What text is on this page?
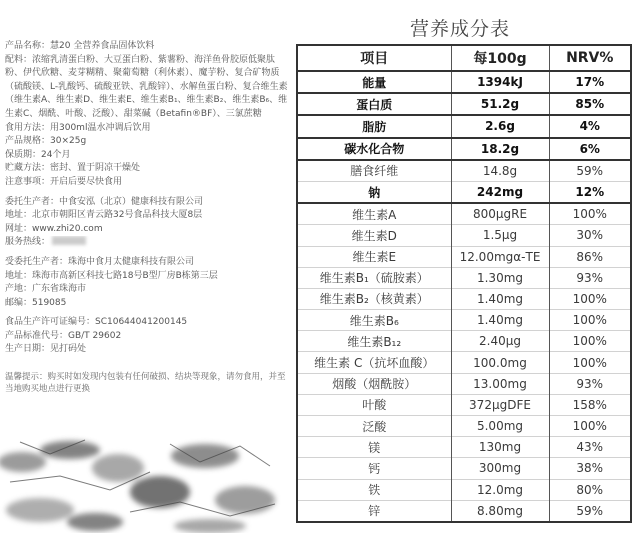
产品名称：慧20 全营养食品固体饮料
配料：浓缩乳清蛋白粉、大豆蛋白粉、紫薯粉、海洋鱼骨胶原低聚肽粉、伊代欣糖、麦芽糊精、聚葡萄糖（利休素）、魔芋粉、复合矿物质（硫酸镁、L-乳酸钙、硫酸亚铁、乳酸锌）、水解鱼蛋白粉、复合维生素（维生素A、维生素D、维生素E、维生素B₁、维生素B₂、维生素B₆、维生素C、烟酰、叶酸、泛酸）、甜菜碱（Betafin®BF）、三氯蔗糖
食用方法：用300ml温水冲调后饮用
产品规格：30×25g
保质期：24个月
贮藏方法：密封、置于阴凉干燥处
注意事项：开启后要尽快食用
委托生产者：中食安泓（北京）健康科技有限公司
地址：北京市朝阳区青云路32号食品科技大厦8层
网址：www.zhi20.com
服务热线：
受委托生产者：珠海中食月太健康科技有限公司
地址：珠海市高新区科技七路18号B型厂房B栋第三层
产地：广东省珠海市
邮编：519085
食品生产许可证编号：SC10644041200145
产品标准代号：GB/T 29602
生产日期：见打码处
温馨提示：购买时如发现内包装有任何破损、结块等现象，请勿食用，并至当地购买地点进行更换
营养成分表
项目	每100g	NRV%
能量	1394kJ	17%
蛋白质	51.2g	85%
脂肪	2.6g	4%
碳水化合物	18.2g	6%
膳食纤维	14.8g	59%
钠	242mg	12%
维生素A	800μgRE	100%
维生素D	1.5μg	30%
维生素E	12.00mgα-TE	86%
维生素B₁（硫胺素）	1.30mg	93%
维生素B₂（核黄素）	1.40mg	100%
维生素B₆	1.40mg	100%
维生素B₁₂	2.40μg	100%
维生素 C（抗坏血酸）	100.0mg	100%
烟酸（烟酰胺）	13.00mg	93%
叶酸	372μgDFE	158%
泛酸	5.00mg	100%
镁	130mg	43%
钙	300mg	38%
铁	12.0mg	80%
锌	8.80mg	59%
